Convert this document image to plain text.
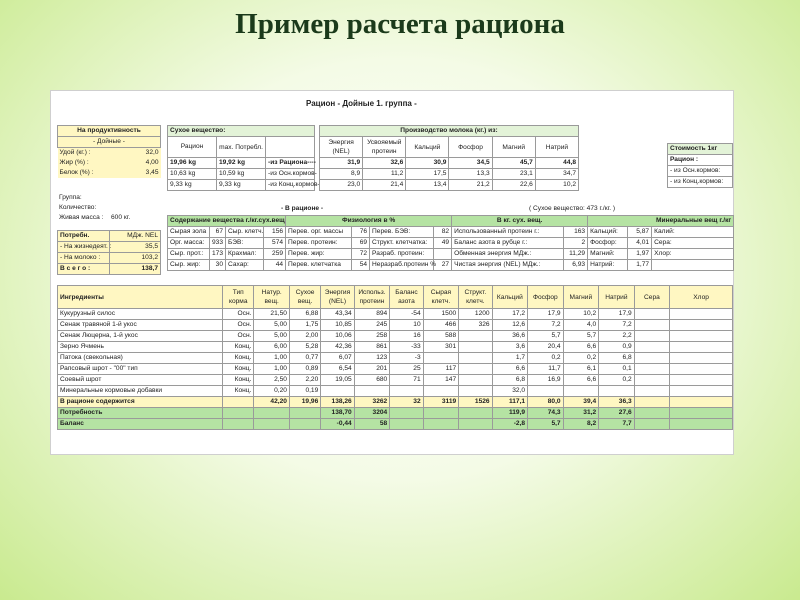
Пример расчета рациона
Рацион - Дойные 1. группа -
На продуктивность	
- Дойные -	
Удой (кг.) :	32,0
Жир (%) :	4,00
Белок (%) :	3,45
Группа:
Количество:
Живая масса :	600 кг.
Потребн.	МДж. NEL
- На жизнедеят. :	35,5
- На молоко :	103,2
В с е г о :	138,7
Сухое вещество:		
Рацион	max. Потребл.	
19,96 kg	19,92 kg	-из Рациона----
10,63 kg	10,59 kg	-из Осн.кормов-
9,33 kg	9,33 kg	-из Конц.кормов-
Производство молока (кг.) из:					
Энергия (NEL)	Усвояемый протеин	Кальций	Фосфор	Магний	Натрий
31,9	32,6	30,9	34,5	45,7	44,8
8,9	11,2	17,5	13,3	23,1	34,7
23,0	21,4	13,4	21,2	22,6	10,2
Стоимость 1кг
Рацион :
- из Осн.кормов:
- из Конц.кормов:
- В рационе -	( Сухое вещество: 473 г./кг. )
Содержание вещества г./кг.сух.вещ				Физиология в %				В кг. сух. вещ.		Минеральные вещ г./кг		
Сырая зола	67	Сыр. клетч.	156	Перев. орг. массы	76	Перев. БЭВ:	82	Использованный протеин г.:	163	Кальций:	5,87	Калий:
Орг. масса:	933	БЭВ:	574	Перев. протеин:	69	Структ. клетчатка:	49	Баланс азота в рубце г.:	2	Фосфор:	4,01	Сера:
Сыр. прот.:	173	Крахмал:	259	Перев. жир:	72	Разраб. протеин:		Обменная энергия МДж.:	11,29	Магний:	1,97	Хлор:
Сыр. жир:	30	Сахар:	44	Перев. клетчатка	54	Неразраб.протеин %	27	Чистая энергия (NEL) МДж.:	6,93	Натрий:	1,77	
Ингредиенты	Тип корма	Натур. вещ.	Сухое вещ.	Энергия (NEL)	Использ. протеин	Баланс азота	Сырая клетч.	Структ. клетч.	Кальций	Фосфор	Магний	Натрий	Сера	Хлор
Кукурузный силос	Осн.	21,50	6,88	43,34	894	-54	1500	1200	17,2	17,9	10,2	17,9		
Сенаж травяной 1-й укос	Осн.	5,00	1,75	10,85	245	10	466	326	12,6	7,2	4,0	7,2		
Сенаж Люцерна, 1-й укос	Осн.	5,00	2,00	10,06	258	16	588		36,6	5,7	5,7	2,2		
Зерно Ячмень	Конц.	6,00	5,28	42,36	861	-33	301		3,6	20,4	6,6	0,9		
Патока (свекольная)	Конц.	1,00	0,77	6,07	123	-3			1,7	0,2	0,2	6,8		
Рапсовый шрот - "00" тип	Конц.	1,00	0,89	6,54	201	25	117		6,6	11,7	6,1	0,1		
Соевый шрот	Конц.	2,50	2,20	19,05	680	71	147		6,8	16,9	6,6	0,2		
Минеральные кормовые добавки	Конц.	0,20	0,19						32,0					
В рационе содержится		42,20	19,96	138,26	3262	32	3119	1526	117,1	80,0	39,4	36,3		
Потребность				138,70	3204				119,9	74,3	31,2	27,6		
Баланс				-0,44	58				-2,8	5,7	8,2	7,7		
